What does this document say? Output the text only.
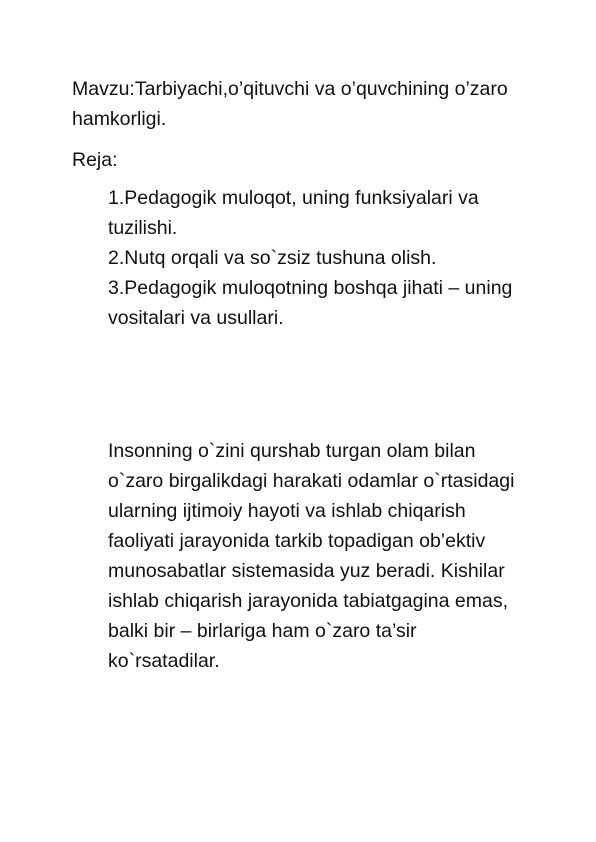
Mavzu:Tarbiyachi,o’qituvchi va o’quvchining o’zaro hamkorligi.

Reja:

1.Pedagogik muloqot, uning funksiyalari va tuzilishi.
2.Nutq orqali va so`zsiz tushuna olish.
3.Pedagogik muloqotning boshqa jihati – uning vositalari va usullari.

Insonning o`zini qurshab turgan olam bilan o`zaro birgalikdagi harakati odamlar o`rtasidagi ularning ijtimoiy hayoti va ishlab chiqarish faoliyati jarayonida tarkib topadigan ob’ektiv munosabatlar sistemasida yuz beradi. Kishilar ishlab chiqarish jarayonida tabiatgagina emas, balki bir – birlariga ham o`zaro ta’sir ko`rsatadilar.
